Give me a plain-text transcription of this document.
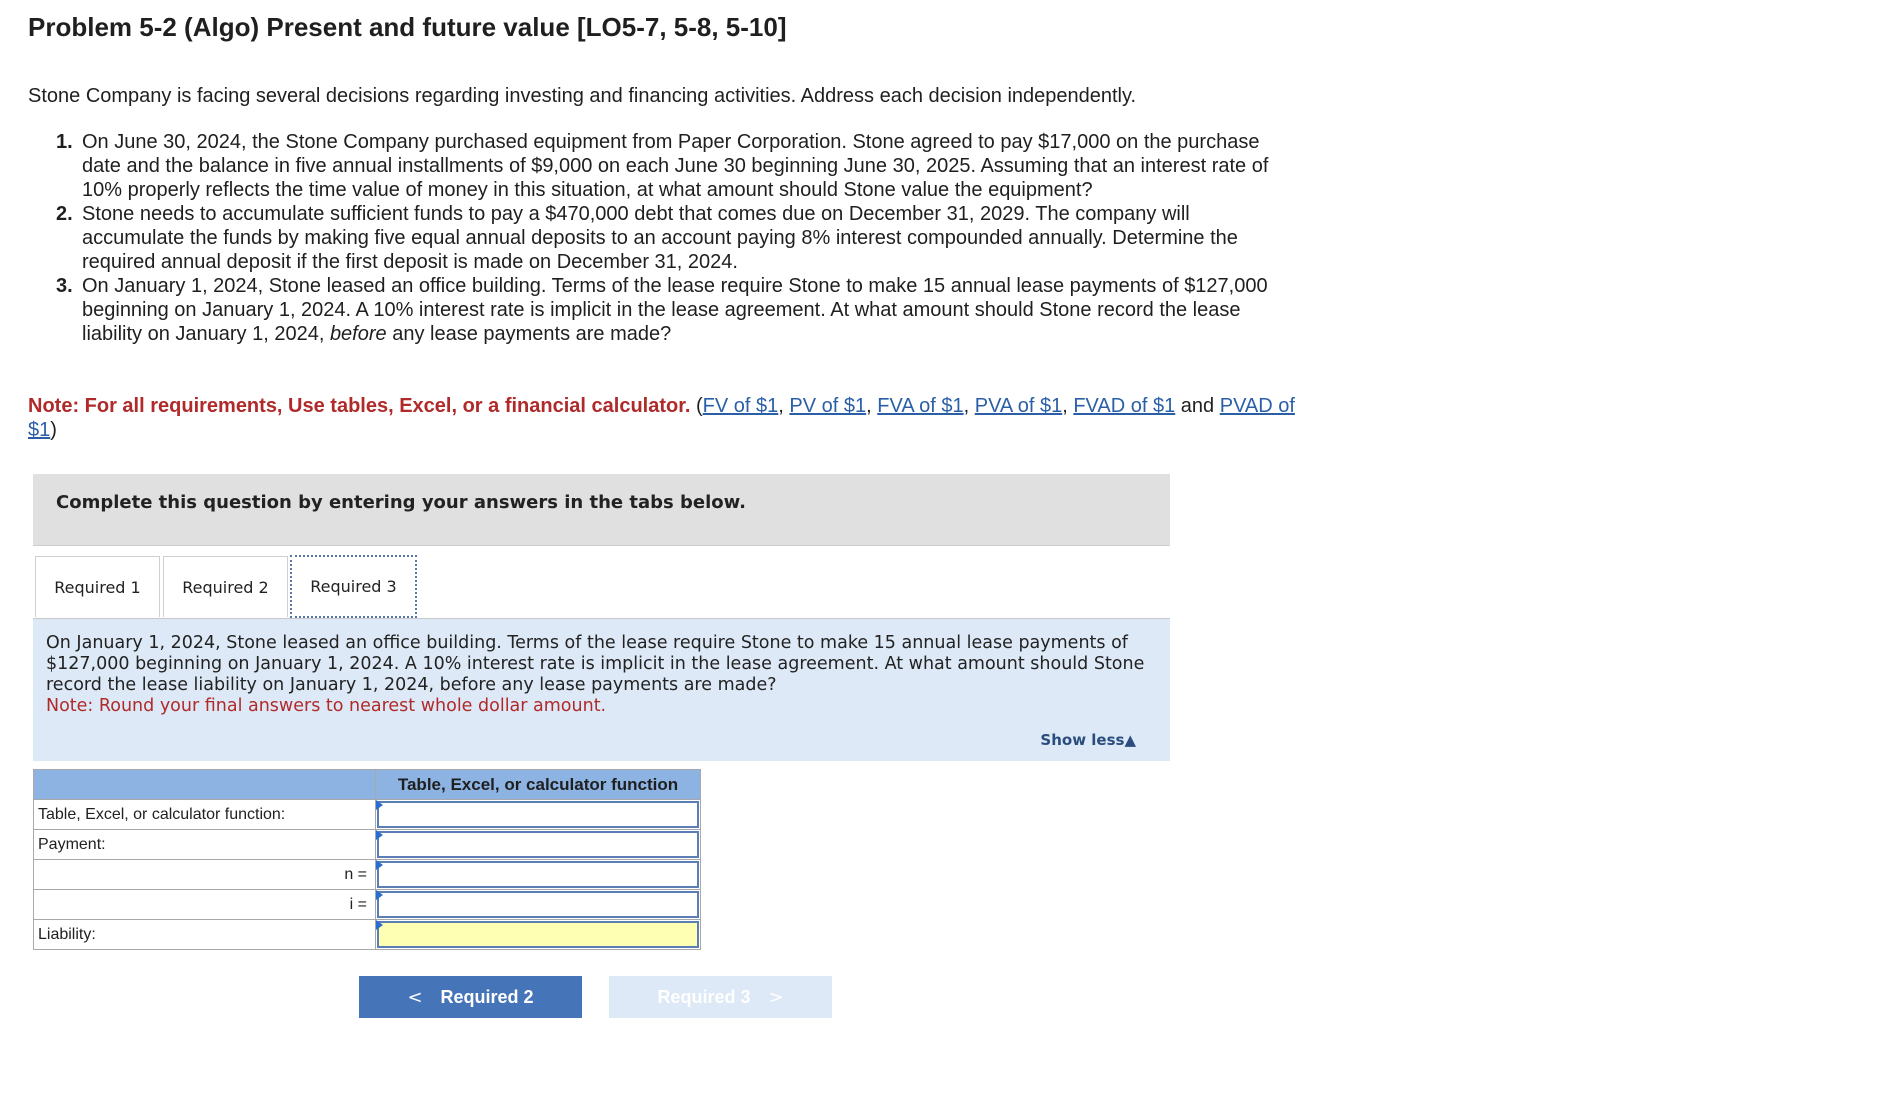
Problem 5-2 (Algo) Present and future value [LO5-7, 5-8, 5-10]

Stone Company is facing several decisions regarding investing and financing activities. Address each decision independently.

1. On June 30, 2024, the Stone Company purchased equipment from Paper Corporation. Stone agreed to pay $17,000 on the purchase date and the balance in five annual installments of $9,000 on each June 30 beginning June 30, 2025. Assuming that an interest rate of 10% properly reflects the time value of money in this situation, at what amount should Stone value the equipment?
2. Stone needs to accumulate sufficient funds to pay a $470,000 debt that comes due on December 31, 2029. The company will accumulate the funds by making five equal annual deposits to an account paying 8% interest compounded annually. Determine the required annual deposit if the first deposit is made on December 31, 2024.
3. On January 1, 2024, Stone leased an office building. Terms of the lease require Stone to make 15 annual lease payments of $127,000 beginning on January 1, 2024. A 10% interest rate is implicit in the lease agreement. At what amount should Stone record the lease liability on January 1, 2024, before any lease payments are made?

Note: For all requirements, Use tables, Excel, or a financial calculator. (FV of $1, PV of $1, FVA of $1, PVA of $1, FVAD of $1 and PVAD of $1)

Complete this question by entering your answers in the tabs below.
Required 1	Required 2	Required 3
On January 1, 2024, Stone leased an office building. Terms of the lease require Stone to make 15 annual lease payments of $127,000 beginning on January 1, 2024. A 10% interest rate is implicit in the lease agreement. At what amount should Stone record the lease liability on January 1, 2024, before any lease payments are made?
Note: Round your final answers to nearest whole dollar amount.
Show less▲
	Table, Excel, or calculator function
Table, Excel, or calculator function:	

Payment:	

n =	

i =	

Liability:	
< Required 2	Required 3 >
